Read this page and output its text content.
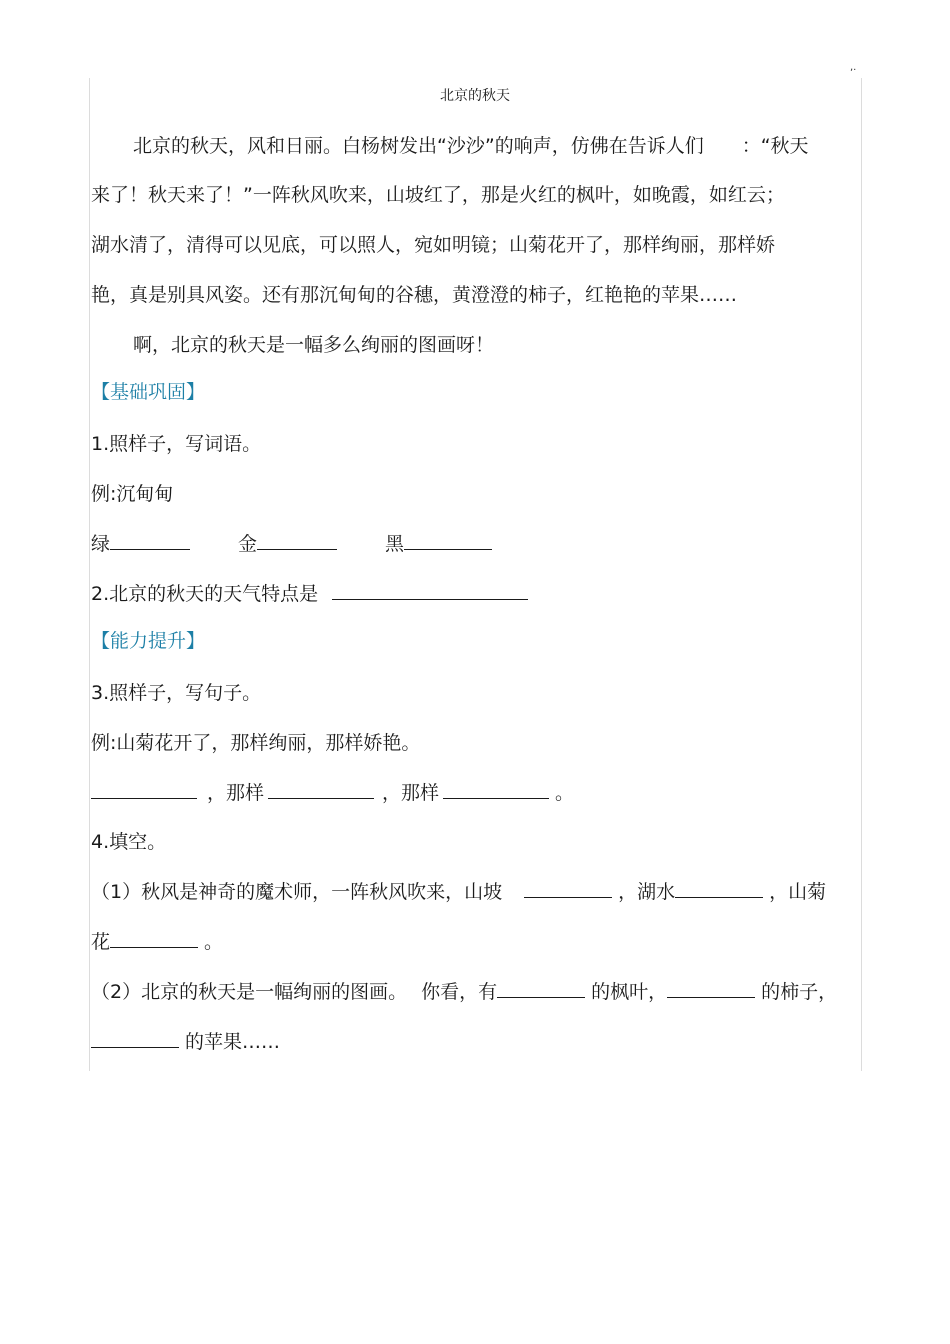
,.
北京的秋天
北京的秋天，风和日丽。白杨树发出“沙沙”的响声，仿佛在告诉人们 ：“秋天
来了！秋天来了！”一阵秋风吹来，山坡红了，那是火红的枫叶，如晚霞，如红云；
湖水清了，清得可以见底，可以照人，宛如明镜；山菊花开了，那样绚丽，那样娇
艳，真是别具风姿。还有那沉甸甸的谷穗，黄澄澄的柿子，红艳艳的苹果……
啊，北京的秋天是一幅多么绚丽的图画呀！
【基础巩固】
1.照样子，写词语。
例:沉甸甸
绿	金	黑
2.北京的秋天的天气特点是
【能力提升】
3.照样子，写句子。
例:山菊花开了，那样绚丽，那样娇艳。
，那样	，那样	。
4.填空。
（1）秋风是神奇的魔术师，一阵秋风吹来，山坡	，湖水	，山菊
花	。
（2）北京的秋天是一幅绚丽的图画。 你看，有	的枫叶，	的柿子，
的苹果……
